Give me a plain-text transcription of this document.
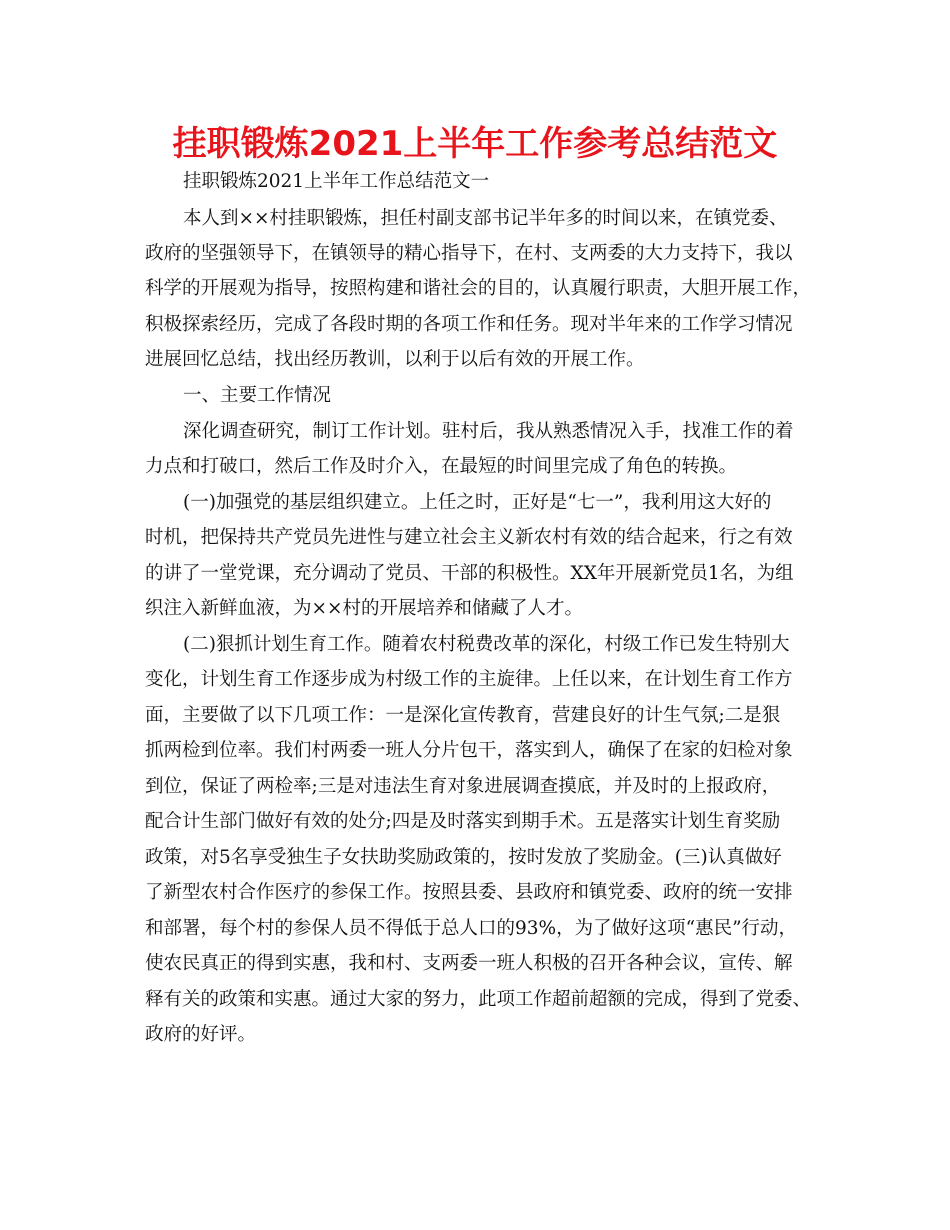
挂职锻炼2021上半年工作参考总结范文

挂职锻炼2021上半年工作总结范文一

本人到××村挂职锻炼，担任村副支部书记半年多的时间以来，在镇党委、

政府的坚强领导下，在镇领导的精心指导下，在村、支两委的大力支持下，我以

科学的开展观为指导，按照构建和谐社会的目的，认真履行职责，大胆开展工作，

积极探索经历，完成了各段时期的各项工作和任务。现对半年来的工作学习情况

进展回忆总结，找出经历教训，以利于以后有效的开展工作。

一、主要工作情况

深化调查研究，制订工作计划。驻村后，我从熟悉情况入手，找准工作的着

力点和打破口，然后工作及时介入，在最短的时间里完成了角色的转换。

(一)加强党的基层组织建立。上任之时，正好是“七一”，我利用这大好的

时机，把保持共产党员先进性与建立社会主义新农村有效的结合起来，行之有效

的讲了一堂党课，充分调动了党员、干部的积极性。XX年开展新党员1名，为组

织注入新鲜血液，为××村的开展培养和储藏了人才。

(二)狠抓计划生育工作。随着农村税费改革的深化，村级工作已发生特别大

变化，计划生育工作逐步成为村级工作的主旋律。上任以来，在计划生育工作方

面，主要做了以下几项工作：一是深化宣传教育，营建良好的计生气氛;二是狠

抓两检到位率。我们村两委一班人分片包干，落实到人，确保了在家的妇检对象

到位，保证了两检率;三是对违法生育对象进展调查摸底，并及时的上报政府，

配合计生部门做好有效的处分;四是及时落实到期手术。五是落实计划生育奖励

政策，对5名享受独生子女扶助奖励政策的，按时发放了奖励金。(三)认真做好

了新型农村合作医疗的参保工作。按照县委、县政府和镇党委、政府的统一安排

和部署，每个村的参保人员不得低于总人口的93%，为了做好这项“惠民”行动，

使农民真正的得到实惠，我和村、支两委一班人积极的召开各种会议，宣传、解

释有关的政策和实惠。通过大家的努力，此项工作超前超额的完成，得到了党委、

政府的好评。
